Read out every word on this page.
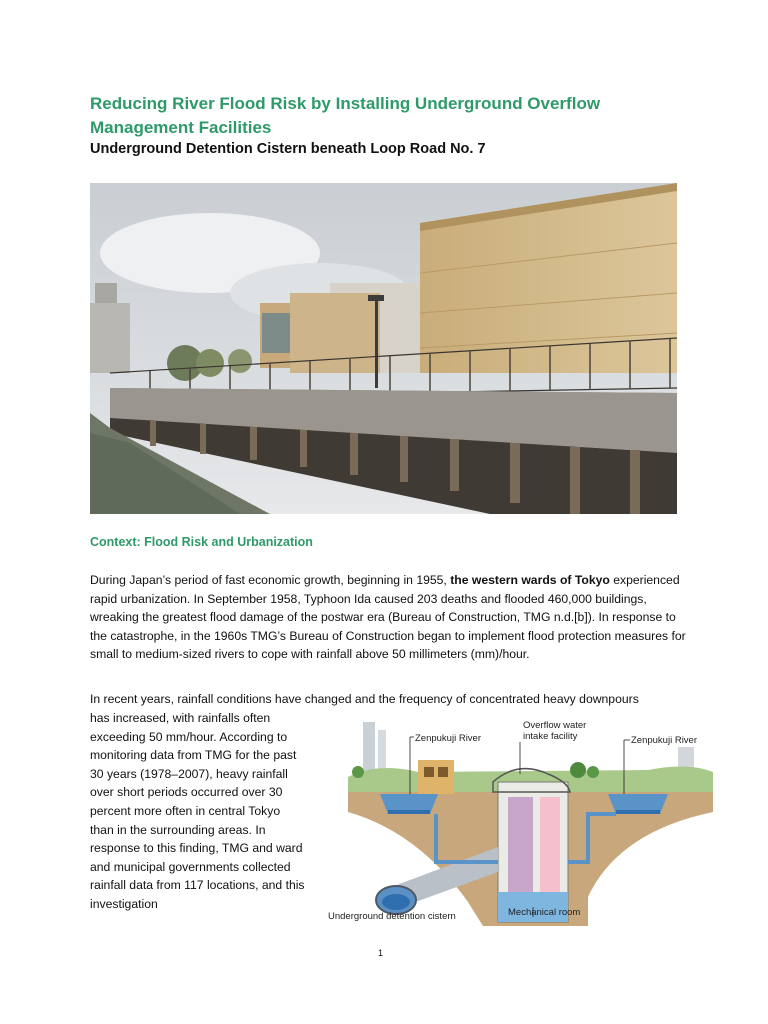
Reducing River Flood Risk by Installing Underground Overflow Management Facilities
Underground Detention Cistern beneath Loop Road No. 7
Context: Flood Risk and Urbanization

During Japan’s period of fast economic growth, beginning in 1955, the western wards of Tokyo experienced rapid urbanization. In September 1958, Typhoon Ida caused 203 deaths and flooded 460,000 buildings, wreaking the greatest flood damage of the postwar era (Bureau of Construction, TMG n.d.[b]). In response to the catastrophe, in the 1960s TMG’s Bureau of Construction began to implement flood protection measures for small to medium-sized rivers to cope with rainfall above 50 millimeters (mm)/hour.

In recent years, rainfall conditions have changed and the frequency of concentrated heavy downpours

has increased, with rainfalls often exceeding 50 mm/hour. According to monitoring data from TMG for the past 30 years (1978–2007), heavy rainfall over short periods occurred over 30 percent more often in central Tokyo than in the surrounding areas. In response to this finding, TMG and ward and municipal governments collected rainfall data from 117 locations, and this investigation

Zenpukuji River
Overflow water
intake facility	Zenpukuji River
Underground detention cistern	Mechanical room
1
